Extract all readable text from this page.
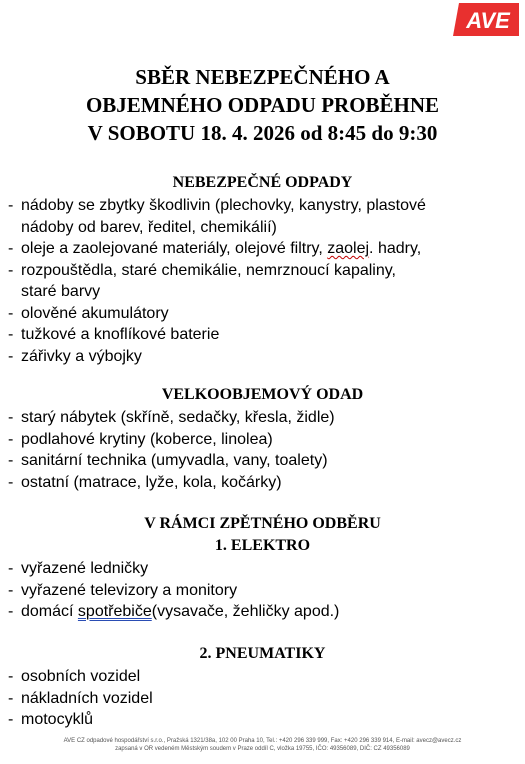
AVE
SBĚR NEBEZPEČNÉHO A
OBJEMNÉHO ODPADU PROBĚHNE
V SOBOTU 18. 4. 2026 od 8:45 do 9:30
NEBEZPEČNÉ ODPADY
- nádoby se zbytky škodlivin (plechovky, kanystry, plastové
nádoby od barev, ředitel, chemikálií)
- oleje a zaolejované materiály, olejové filtry, zaolej. hadry,
- rozpouštědla, staré chemikálie, nemrznoucí kapaliny,
staré barvy
- olověné akumulátory
- tužkové a knoflíkové baterie
- zářivky a výbojky
VELKOOBJEMOVÝ ODAD
- starý nábytek (skříně, sedačky, křesla, židle)
- podlahové krytiny (koberce, linolea)
- sanitární technika (umyvadla, vany, toalety)
- ostatní (matrace, lyže, kola, kočárky)
V RÁMCI ZPĚTNÉHO ODBĚRU
1. ELEKTRO
- vyřazené ledničky
- vyřazené televizory a monitory
- domácí spotřebiče(vysavače, žehličky apod.)
2. PNEUMATIKY
- osobních vozidel
- nákladních vozidel
- motocyklů
AVE CZ odpadové hospodářství s.r.o., Pražská 1321/38a, 102 00 Praha 10, Tel.: +420 296 339 999, Fax: +420 296 339 914, E-mail: avecz@avecz.cz
zapsaná v OR vedeném Městským soudem v Praze oddíl C, vložka 19755, IČO: 49356089, DIČ: CZ 49356089
